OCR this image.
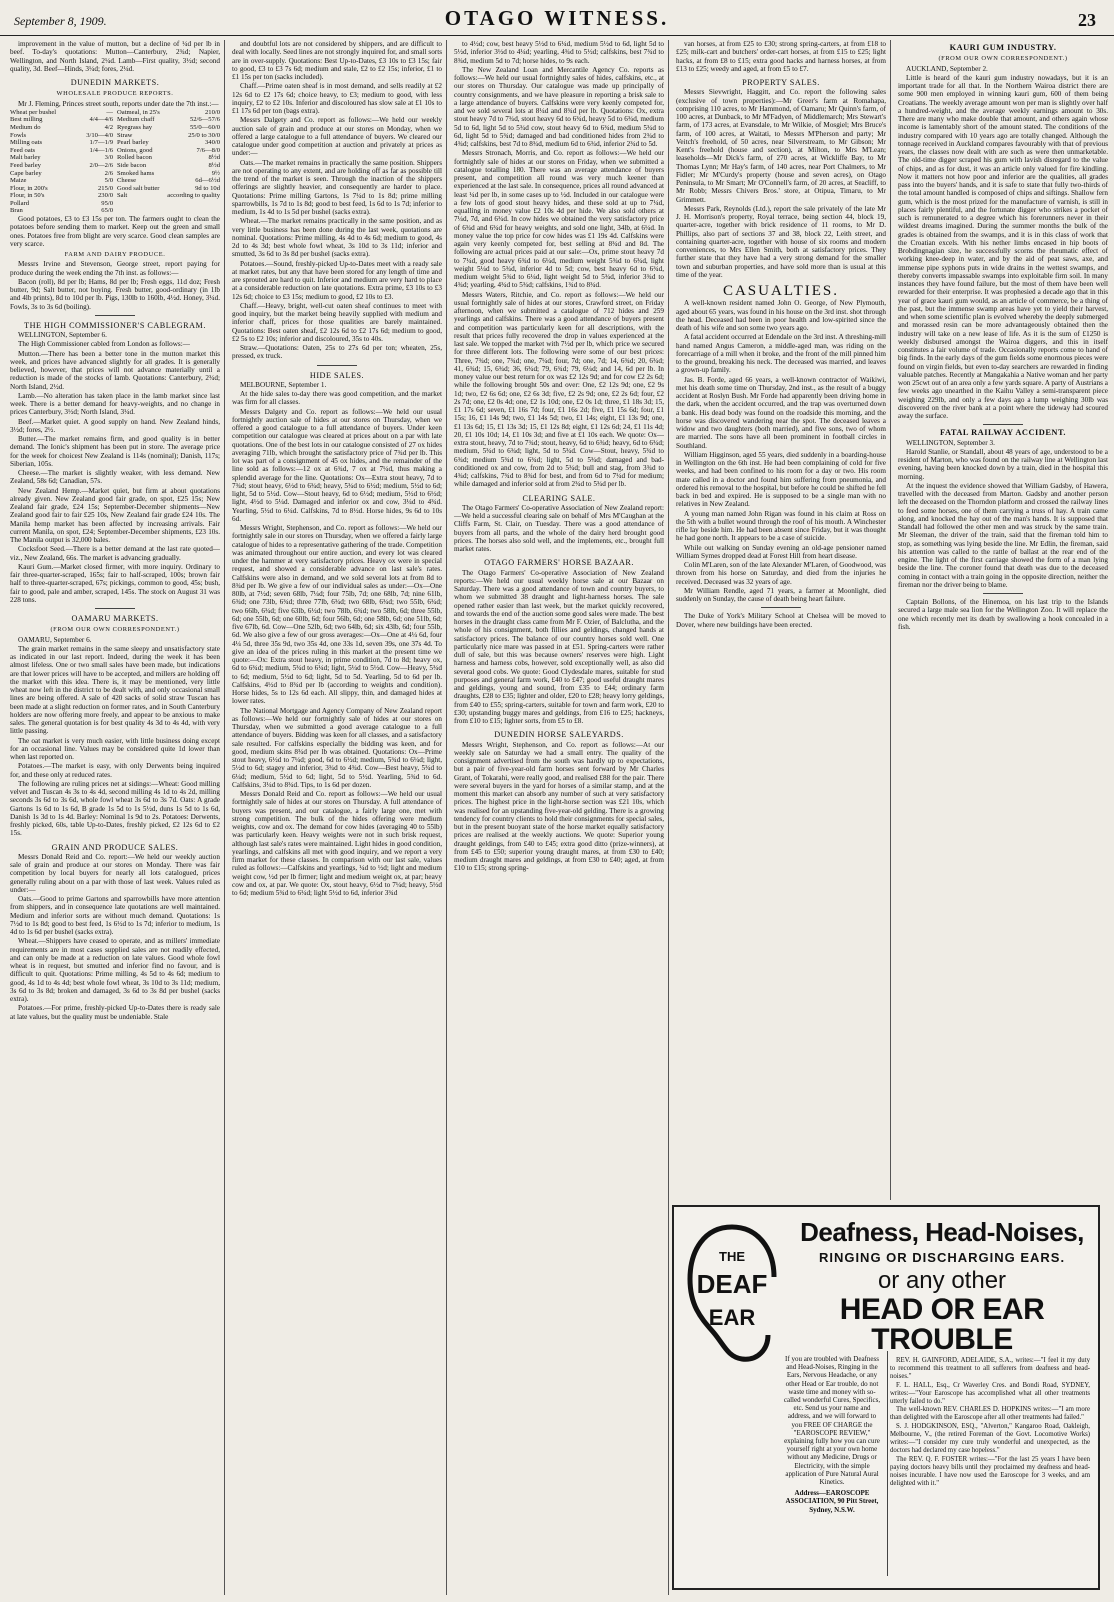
September 8, 1909.	OTAGO WITNESS.	23

improvement in the value of mutton, but a decline of ¼d per lb in beef. To-day's quotations: Mutton—Canterbury, 2¾d; Napier, Wellington, and North Island, 2¼d. Lamb—First quality, 3½d; second quality, 3d. Beef—Hinds, 3¼d; fores, 2¼d.

DUNEDIN MARKETS.
WHOLESALE PRODUCE REPORTS.

Mr J. Fleming, Princes street south, reports under date the 7th inst.:—

Wheat per bushel	—
Best milling	4/4—4/6
Medium do	4/2
Fowls	3/10—4/0
Milling oats	1/7—1/9
Feed oats	1/4—1/6
Malt barley	3/0
Feed barley	2/0—2/6
Cape barley	2/6
Maize	5/0
Flour, in 200's	215/0
Flour, in 50's	230/0
Pollard	95/0
Bran	65/0
Oatmeal, in 25's	210/0
Medium chaff	52/6—57/6
Ryegrass hay	55/0—60/0
Straw	25/0 to 30/0
Pearl barley	340/0
Onions, good	7/6—8/0
Rolled bacon	8½d
Side bacon	8½d
Smoked hams	9½
Cheese	6d—6½d
Good salt butter	9d to 10d
Salt	according to quality

Good potatoes, £3 to £3 15s per ton. The farmers ought to clean the potatoes before sending them to market. Keep out the green and small ones. Potatoes free from blight are very scarce. Good clean samples are very scarce.

FARM AND DAIRY PRODUCE.

Messrs Irvine and Stevenson, George street, report paying for produce during the week ending the 7th inst. as follows:—

Bacon (roll), 8d per lb; Hams, 8d per lb; Fresh eggs, 11d doz; Fresh butter, 9d; Salt butter, not buying. Fresh butter, good-ordinary (in 1lb and 4lb prints), 8d to 10d per lb. Pigs, 130lb to 160lb, 4½d. Honey, 3¼d. Fowls, 3s to 3s 6d (boiling).

THE HIGH COMMISSIONER'S CABLEGRAM.

WELLINGTON, September 6.

The High Commissioner cabled from London as follows:—

Mutton.—There has been a better tone in the mutton market this week, and prices have advanced slightly for all grades. It is generally believed, however, that prices will not advance materially until a reduction is made of the stocks of lamb. Quotations: Canterbury, 2¾d; North Island, 2½d.

Lamb.—No alteration has taken place in the lamb market since last week. There is a better demand for heavy-weights, and no change in prices Canterbury, 3½d; North Island, 3¼d.

Beef.—Market quiet. A good supply on hand. New Zealand hinds, 3½d; fores, 2½.

Butter.—The market remains firm, and good quality is in better demand. The Ionic's shipment has been put in store. The average price for the week for choicest New Zealand is 114s (nominal); Danish, 117s; Siberian, 105s.

Cheese.—The market is slightly weaker, with less demand. New Zealand, 58s 6d; Canadian, 57s.

New Zealand Hemp.—Market quiet, but firm at about quotations already given. New Zealand good fair grade, on spot, £25 15s; New Zealand fair grade, £24 15s; September-December shipments—New Zealand good fair to fair £25 10s, New Zealand fair grade £24 10s. The Manila hemp market has been affected by increasing arrivals. Fair current Manila, on spot, £24; September-December shipments, £23 10s. The Manila output is 32,000 bales.

Cocksfoot Seed.—There is a better demand at the last rate quoted—viz., New Zealand, 66s. The market is advancing gradually.

Kauri Gum.—Market closed firmer, with more inquiry. Ordinary to fair three-quarter-scraped, 165s; fair to half-scraped, 100s; brown fair half to three-quarter-scraped, 67s; pickings, common to good, 45s; bush, fair to good, pale and amber, scraped, 145s. The stock on August 31 was 228 tons.

OAMARU MARKETS.
(FROM OUR OWN CORRESPONDENT.)

OAMARU, September 6.

The grain market remains in the same sleepy and unsatisfactory state as indicated in our last report. Indeed, during the week it has been almost lifeless. One or two small sales have been made, but indications are that lower prices will have to be accepted, and millers are holding off the market with this idea. There is, it may be mentioned, very little wheat now left in the district to be dealt with, and only occasional small lines are being offered. A sale of 420 sacks of solid straw Tuscan has been made at a slight reduction on former rates, and in South Canterbury holders are now offering more freely, and appear to be anxious to make sales. The general quotation is for best quality 4s 3d to 4s 4d, with very little passing.

The oat market is very much easier, with little business doing except for an occasional line. Values may be considered quite 1d lower than when last reported on.

Potatoes.—The market is easy, with only Derwents being inquired for, and these only at reduced rates.

The following are ruling prices net at sidings:—Wheat: Good milling velvet and Tuscan 4s 3s to 4s 4d, second milling 4s 1d to 4s 2d, milling seconds 3s 6d to 3s 6d, whole fowl wheat 3s 6d to 3s 7d. Oats: A grade Gartons 1s 6d to 1s 6d, B grade 1s 5d to 1s 5½d, duns 1s 5d to 1s 6d, Danish 1s 3d to 1s 4d. Barley: Nominal 1s 9d to 2s. Potatoes: Derwents, freshly picked, 60s, table Up-to-Dates, freshly picked, £2 12s 6d to £2 15s.

GRAIN AND PRODUCE SALES.

Messrs Donald Reid and Co. report:—We held our weekly auction sale of grain and produce at our stores on Monday. There was fair competition by local buyers for nearly all lots catalogued, prices generally ruling about on a par with those of last week. Values ruled as under:—

Oats.—Good to prime Gartons and sparrowbills have more attention from shippers, and in consequence late quotations are well maintained. Medium and inferior sorts are without much demand. Quotations: 1s 7½d to 1s 8d; good to best feed, 1s 6½d to 1s 7d; inferior to medium, 1s 4d to 1s 6d per bushel (sacks extra).

Wheat.—Shippers have ceased to operate, and as millers' immediate requirements are in most cases supplied sales are not readily effected, and can only be made at a reduction on late values. Good whole fowl wheat is in request, but smutted and inferior find no favour, and is difficult to quit. Quotations: Prime milling, 4s 5d to 4s 6d; medium to good, 4s 1d to 4s 4d; best whole fowl wheat, 3s 10d to 3s 11d; medium, 3s 6d to 3s 8d; broken and damaged, 3s 6d to 3s 8d per bushel (sacks extra).

Potatoes.—For prime, freshly-picked Up-to-Dates there is ready sale at late values, but the quality must be undeniable. Stale

and doubtful lots are not considered by shippers, and are difficult to deal with locally. Seed lines are not strongly inquired for, and small sorts are in over-supply. Quotations: Best Up-to-Dates, £3 10s to £3 15s; fair to good, £3 to £3 7s 6d; medium and stale, £2 to £2 15s; inferior, £1 to £1 15s per ton (sacks included).

Chaff.—Prime oaten sheaf is in most demand, and sells readily at £2 12s 6d to £2 17s 6d; choice heavy, to £3; medium to good, with less inquiry, £2 to £2 10s. Inferior and discoloured has slow sale at £1 10s to £1 17s 6d per ton (bags extra).

Messrs Dalgety and Co. report as follows:—We held our weekly auction sale of grain and produce at our stores on Monday, when we offered a large catalogue to a full attendance of buyers. We cleared our catalogue under good competition at auction and privately at prices as under:—

Oats.—The market remains in practically the same position. Shippers are not operating to any extent, and are holding off as far as possible till the trend of the market is seen. Through the inaction of the shippers offerings are slightly heavier, and consequently are harder to place. Quotations: Prime milling Gartons, 1s 7¼d to 1s 8d; prime milling sparrowbills, 1s 7d to 1s 8d; good to best feed, 1s 6d to 1s 7d; inferior to medium, 1s 4d to 1s 5d per bushel (sacks extra).

Wheat.—The market remains practically in the same position, and as very little business has been done during the last week, quotations are nominal. Quotations: Prime milling, 4s 4d to 4s 6d; medium to good, 4s 2d to 4s 3d; best whole fowl wheat, 3s 10d to 3s 11d; inferior and smutted, 3s 6d to 3s 8d per bushel (sacks extra).

Potatoes.—Sound, freshly-picked Up-to-Dates meet with a ready sale at market rates, but any that have been stored for any length of time and are sprouted are hard to quit. Inferior and medium are very hard to place at a considerable reduction on late quotations. Extra prime, £3 10s to £3 12s 6d; choice to £3 15s; medium to good, £2 10s to £3.

Chaff.—Heavy, bright, well-cut oaten sheaf continues to meet with good inquiry, but the market being heavily supplied with medium and inferior chaff, prices for those qualities are barely maintained. Quotations: Best oaten sheaf, £2 12s 6d to £2 17s 6d; medium to good, £2 5s to £2 10s; inferior and discoloured, 35s to 40s.

Straw.—Quotations: Oaten, 25s to 27s 6d per ton; wheaten, 25s, pressed, ex truck.

HIDE SALES.

MELBOURNE, September 1.

At the hide sales to-day there was good competition, and the market was firm for all classes.

Messrs Dalgety and Co. report as follows:—We held our usual fortnightly auction sale of hides at our stores on Thursday, when we offered a good catalogue to a full attendance of buyers. Under keen competition our catalogue was cleared at prices about on a par with late quotations. One of the best lots in our catalogue consisted of 27 ox hides averaging 71lb, which brought the satisfactory price of 7¾d per lb. This lot was part of a consignment of 45 ox hides, and the remainder of the line sold as follows:—12 ox at 6¾d, 7 ox at 7¼d, thus making a splendid average for the line. Quotations: Ox—Extra stout heavy, 7d to 7¾d; stout heavy, 6½d to 6¾d; heavy, 5¾d to 6½d; medium, 5½d to 6d; light, 5d to 5½d. Cow—Stout heavy, 6d to 6½d; medium, 5½d to 6½d; light, 4½d to 5¼d. Damaged and inferior ox and cow, 3¼d to 4¾d. Yearling, 5½d to 6¼d. Calfskins, 7d to 8½d. Horse hides, 9s 6d to 10s 6d.

Messrs Wright, Stephenson, and Co. report as follows:—We held our fortnightly sale in our stores on Thursday, when we offered a fairly large catalogue of hides to a representative gathering of the trade. Competition was animated throughout our entire auction, and every lot was cleared under the hammer at very satisfactory prices. Heavy ox were in special request, and showed a considerable advance on last sale's rates. Calfskins were also in demand, and we sold several lots at from 8d to 8¾d per lb. We give a few of our individual sales as under:—Ox—One 80lb, at 7½d; seven 68lb, 7¼d; four 75lb, 7d; one 68lb, 7d; nine 61lb, 6¾d; one 73lb, 6¾d; three 77lb, 6¾d; two 68lb, 6¾d; two 55lb, 6¾d; two 66lb, 6¾d; five 63lb, 6½d; two 78lb, 6¾d; two 58lb, 6d; three 55lb, 6d; one 55lb, 6d; one 60lb, 6d; four 56lb, 6d; one 58lb, 6d; one 51lb, 6d; five 67lb, 6d. Cow—One 52lb, 6d; two 64lb, 6d; six 43lb, 6d; four 55lb, 6d. We also give a few of our gross averages:—Ox—One at 4¼ 6d, four 4¼ 5d, three 35s 9d, two 35s 4d, one 33s 1d, seven 39s, one 37s 4d. To give an idea of the prices ruling in this market at the present time we quote:—Ox: Extra stout heavy, in prime condition, 7d to 8d; heavy ox, 6d to 6¾d; medium, 5¾d to 6¼d; light, 5¼d to 5½d. Cow—Heavy, 5¾d to 6d; medium, 5½d to 6d; light, 5d to 5d. Yearling, 5d to 6d per lb. Calfskins, 4½d to 8¾d per lb (according to weights and condition). Horse hides, 5s to 12s 6d each. All slippy, thin, and damaged hides at lower rates.

The National Mortgage and Agency Company of New Zealand report as follows:—We held our fortnightly sale of hides at our stores on Thursday, when we submitted a good average catalogue to a full attendance of buyers. Bidding was keen for all classes, and a satisfactory sale resulted. For calfskins especially the bidding was keen, and for good, medium skins 8¾d per lb was obtained. Quotations: Ox—Prime stout heavy, 6½d to 7¼d; good, 6d to 6½d; medium, 5¾d to 6¼d; light, 5½d to 6d; stagey and inferior, 3¾d to 4¾d. Cow—Best heavy, 5¾d to 6¼d; medium, 5½d to 6d; light, 5d to 5½d. Yearling, 5¾d to 6d. Calfskins, 3¼d to 8¾d. Tips, to 1s 6d per dozen.

Messrs Donald Reid and Co. report as follows:—We held our usual fortnightly sale of hides at our stores on Thursday. A full attendance of buyers was present, and our catalogue, a fairly large one, met with strong competition. The bulk of the hides offering were medium weights, cow and ox. The demand for cow hides (averaging 40 to 55lb) was particularly keen. Heavy weights were not in such brisk request, although last sale's rates were maintained. Light hides in good condition, yearlings, and calfskins all met with good inquiry, and we report a very firm market for these classes. In comparison with our last sale, values ruled as follows:—Calfskins and yearlings, ¼d to ½d; light and medium weight cow, ½d per lb firmer; light and medium weight ox, at par; heavy cow and ox, at par. We quote: Ox, stout heavy, 6½d to 7¼d; heavy, 5½d to 6d; medium 5¾d to 6¼d; light 5½d to 6d, inferior 3¾d

to 4½d; cow, best heavy 5½d to 6¼d, medium 5½d to 6d, light 5d to 5½d, inferior 3½d to 4¼d; yearling, 4¾d to 5½d; calfskins, best 7¾d to 8¾d, medium 5d to 7d; horse hides, to 9s each.

The New Zealand Loan and Mercantile Agency Co. reports as follows:—We held our usual fortnightly sales of hides, calfskins, etc., at our stores on Thursday. Our catalogue was made up principally of country consignments, and we have pleasure in reporting a brisk sale to a large attendance of buyers. Calfskins were very keenly competed for, and we sold several lots at 8¼d and 8¾d per lb. Quotations: Ox, extra stout heavy 7d to 7¾d, stout heavy 6d to 6¾d, heavy 5d to 6¾d, medium 5d to 6d, light 5d to 5¾d cow, stout heavy 6d to 6¾d, medium 5¾d to 6d, light 5d to 5¾d; damaged and bad conditioned hides from 2¾d to 4¾d; calfskins, best 7d to 8¾d, medium 6d to 6¾d, inferior 2¾d to 5d.

Messrs Stronach, Morris, and Co. report as follows:—We held our fortnightly sale of hides at our stores on Friday, when we submitted a catalogue totalling 180. There was an average attendance of buyers present, and competition all round was very much keener than experienced at the last sale. In consequence, prices all round advanced at least ¼d per lb, in some cases up to ½d. Included in our catalogue were a few lots of good stout heavy hides, and these sold at up to 7¼d, equalling in money value £2 10s 4d per hide. We also sold others at 7¼d, 7d, and 6¾d. In cow hides we obtained the very satisfactory price of 6¾d and 6¾d for heavy weights, and sold one light, 34lb, at 6¼d. In money value the top price for cow hides was £1 19s 4d. Calfskins were again very keenly competed for, best selling at 8¾d and 8d. The following are actual prices paid at our sale:—Ox, prime stout heavy 7d to 7¼d, good heavy 6¾d to 6¼d, medium weight 5¾d to 6¾d, light weight 5¼d to 5¾d, inferior 4d to 5d; cow, best heavy 6d to 6¾d, medium weight 5¾d to 6¼d, light weight 5d to 5¾d, inferior 3¾d to 4¾d; yearling, 4¾d to 5¾d; calfskins, 1¾d to 8¾d.

Messrs Waters, Ritchie, and Co. report as follows:—We held our usual fortnightly sale of hides at our stores, Crawford street, on Friday afternoon, when we submitted a catalogue of 712 hides and 259 yearlings and calfskins. There was a good attendance of buyers present and competition was particularly keen for all descriptions, with the result that prices fully recovered the drop in values experienced at the last sale. We topped the market with 7½d per lb, which price we secured for three different lots. The following were some of our best prices: Three, 7¾d; one, 7¾d; one, 7¼d; four, 7d; one, 7d; 14, 6¾d; 20, 6¾d; 41, 6¾d; 15, 6¾d; 36, 6¾d; 79, 6¾d; 79, 6¼d; and 14, 6d per lb. In money value our best return for ox was £2 12s 9d; and for cow £2 2s 6d; while the following brought 50s and over: One, £2 12s 9d; one, £2 9s 1d; two, £2 6s 6d; one, £2 6s 3d; five, £2 2s 9d; one, £2 2s 6d; four, £2 2s 7d; one, £2 0s 4d; one, £2 1s 10d; one, £2 0s 1d; three, £1 18s 3d; 15, £1 17s 6d; seven, £1 16s 7d; four, £1 16s 2d; five, £1 15s 6d; four, £1 15s; 16, £1 14s 9d; two, £1 14s 5d; two, £1 14s; eight, £1 13s 9d; one, £1 13s 6d; 15, £1 13s 3d; 15, £1 12s 8d; eight, £1 12s 6d; 24, £1 11s 4d; 20, £1 10s 10d; 14, £1 10s 3d; and five at £1 10s each. We quote: Ox—extra stout, heavy, 7d to 7¾d; stout, heavy, 6d to 6¾d; heavy, 6d to 6¾d; medium, 5¾d to 6¾d; light, 5d to 5¾d. Cow—Stout, heavy, 5¾d to 6¾d; medium 5¾d to 6¾d; light, 5d to 5¾d; damaged and bad-conditioned ox and cow, from 2d to 5¾d; bull and stag, from 3¾d to 4¾d; calfskins, 7¾d to 8¾d for best, and from 6d to 7¼d for medium; while damaged and inferior sold at from 2¾d to 5¾d per lb.

CLEARING SALE.

The Otago Farmers' Co-operative Association of New Zealand report:—We held a successful clearing sale on behalf of Mrs M'Caughan at the Cliffs Farm, St. Clair, on Tuesday. There was a good attendance of buyers from all parts, and the whole of the dairy herd brought good prices. The horses also sold well, and the implements, etc., brought full market rates.

OTAGO FARMERS' HORSE BAZAAR.

The Otago Farmers' Co-operative Association of New Zealand reports:—We held our usual weekly horse sale at our Bazaar on Saturday. There was a good attendance of town and country buyers, to whom we submitted 38 draught and light-harness horses. The sale opened rather easier than last week, but the market quickly recovered, and towards the end of the auction some good sales were made. The best horses in the draught class came from Mr F. Ozier, of Balclutha, and the whole of his consignment, both fillies and geldings, changed hands at satisfactory prices. The balance of our country horses sold well. One particularly nice mare was passed in at £51. Spring-carters were rather dull of sale, but this was because owners' reserves were high. Light harness and harness cobs, however, sold exceptionally well, as also did several good cobs. We quote: Good Clydesdale mares, suitable for stud purposes and general farm work, £40 to £47; good useful draught mares and geldings, young and sound, from £35 to £44; ordinary farm draughts, £28 to £35; lighter and older, £20 to £28; heavy lorry geldings, from £40 to £55; spring-carters, suitable for town and farm work, £20 to £30; upstanding buggy mares and geldings, from £16 to £25; hackneys, from £10 to £15; lighter sorts, from £5 to £8.

DUNEDIN HORSE SALEYARDS.

Messrs Wright, Stephenson, and Co. report as follows:—At our weekly sale on Saturday we had a small entry. The quality of the consignment advertised from the south was hardly up to expectations, but a pair of five-year-old farm horses sent forward by Mr Charles Grant, of Tokarahi, were really good, and realised £88 for the pair. There were several buyers in the yard for horses of a similar stamp, and at the moment this market can absorb any number of such at very satisfactory prices. The highest price in the light-horse section was £21 10s, which was realised for an upstanding five-year-old gelding. There is a growing tendency for country clients to hold their consignments for special sales, but in the present buoyant state of the horse market equally satisfactory prices are realised at the weekly auctions. We quote: Superior young draught geldings, from £40 to £45; extra good ditto (prize-winners), at from £45 to £50; superior young draught mares, at from £30 to £40; medium draught mares and geldings, at from £30 to £40; aged, at from £10 to £15; strong spring-

van horses, at from £25 to £30; strong spring-carters, at from £18 to £25; milk-cart and butchers' order-cart horses, at from £15 to £25; light hacks, at from £8 to £15; extra good hacks and harness horses, at from £13 to £25; weedy and aged, at from £5 to £7.

PROPERTY SALES.

Messrs Sievwright, Haggitt, and Co. report the following sales (exclusive of town properties):—Mr Greer's farm at Romahapa, comprising 110 acres, to Mr Hammond, of Oamaru; Mr Quinn's farm, of 100 acres, at Dunback, to Mr M'Fadyen, of Middlemarch; Mrs Stewart's farm, of 173 acres, at Evansdale, to Mr Wilkie, of Mosgiel; Mrs Bruce's farm, of 100 acres, at Waitati, to Messrs M'Pherson and party; Mr Veitch's freehold, of 50 acres, near Silverstream, to Mr Gibson; Mr Kent's freehold (house and section), at Milton, to Mrs M'Lean; leaseholds—Mr Dick's farm, of 270 acres, at Wickliffe Bay, to Mr Thomas Lynn; Mr Hay's farm, of 140 acres, near Port Chalmers, to Mr Fidler; Mr M'Curdy's property (house and seven acres), on Otago Peninsula, to Mr Smart; Mr O'Connell's farm, of 20 acres, at Seacliff, to Mr Robb; Messrs Chivers Bros.' store, at Otipua, Timaru, to Mr Grimmett.

Messrs Park, Reynolds (Ltd.), report the sale privately of the late Mr J. H. Morrison's property, Royal terrace, being section 44, block 19, quarter-acre, together with brick residence of 11 rooms, to Mr D. Phillips, also part of sections 37 and 38, block 22, Leith street, and containing quarter-acre, together with house of six rooms and modern conveniences, to Mrs Ellen Smith, both at satisfactory prices. They further state that they have had a very strong demand for the smaller town and suburban properties, and have sold more than is usual at this time of the year.

CASUALTIES.

A well-known resident named John O. George, of New Plymouth, aged about 65 years, was found in his house on the 3rd inst. shot through the head. Deceased had been in poor health and low-spirited since the death of his wife and son some two years ago.

A fatal accident occurred at Edendale on the 3rd inst. A threshing-mill hand named Angus Cameron, a middle-aged man, was riding on the forecarriage of a mill when it broke, and the front of the mill pinned him to the ground, breaking his neck. The deceased was married, and leaves a grown-up family.

Jas. B. Forde, aged 66 years, a well-known contractor of Waikiwi, met his death some time on Thursday, 2nd inst., as the result of a buggy accident at Roslyn Bush. Mr Forde had apparently been driving home in the dark, when the accident occurred, and the trap was overturned down a bank. His dead body was found on the roadside this morning, and the horse was discovered wandering near the spot. The deceased leaves a widow and two daughters (both married), and five sons, two of whom are married. The sons have all been prominent in football circles in Southland.

William Higginson, aged 55 years, died suddenly in a boarding-house in Wellington on the 6th inst. He had been complaining of cold for five weeks, and had been confined to his room for a day or two. His room mate called in a doctor and found him suffering from pneumonia, and ordered his removal to the hospital, but before he could be shifted he fell back in bed and expired. He is supposed to be a single man with no relatives in New Zealand.

A young man named John Rigan was found in his claim at Ross on the 5th with a bullet wound through the roof of his mouth. A Winchester rifle lay beside him. He had been absent since Friday, but it was thought he had gone north. It appears to be a case of suicide.

While out walking on Sunday evening an old-age pensioner named William Symes dropped dead at Forest Hill from heart disease.

Colin M'Laren, son of the late Alexander M'Laren, of Goodwood, was thrown from his horse on Saturday, and died from the injuries he received. Deceased was 32 years of age.

Mr William Rendle, aged 71 years, a farmer at Moonlight, died suddenly on Sunday, the cause of death being heart failure.

The Duke of York's Military School at Chelsea will be moved to Dover, where new buildings have been erected.

KAURI GUM INDUSTRY.
(FROM OUR OWN CORRESPONDENT.)

AUCKLAND, September 2.

Little is heard of the kauri gum industry nowadays, but it is an important trade for all that. In the Northern Wairoa district there are some 900 men employed in winning kauri gum, 600 of them being Croatians. The weekly average amount won per man is slightly over half a hundred-weight, and the average weekly earnings amount to 30s. There are many who make double that amount, and others again whose income is lamentably short of the amount stated. The conditions of the industry compared with 10 years ago are totally changed. Although the tonnage received in Auckland compares favourably with that of previous years, the classes now dealt with are such as were then unmarketable. The old-time digger scraped his gum with lavish disregard to the value of chips, and as for dust, it was an article only valued for fire kindling. Now it matters not how poor and inferior are the qualities, all grades pass into the buyers' hands, and it is safe to state that fully two-thirds of the total amount handled is composed of chips and siftings. Shallow fern gum, which is the most prized for the manufacture of varnish, is still in places fairly plentiful, and the fortunate digger who strikes a pocket of such is remunerated to a degree which his forerunners never in their wildest dreams imagined. During the summer months the bulk of the grades is obtained from the swamps, and it is in this class of work that the Croatian excels. With his nether limbs encased in hip boots of Brobdingnagian size, he successfully scorns the rheumatic effect of working knee-deep in water, and by the aid of peat saws, axe, and immense pipe syphons puts in wide drains in the wettest swamps, and thereby converts impassable swamps into exploitable firm soil. In many instances they have found failure, but the most of them have been well rewarded for their enterprise. It was prophesied a decade ago that in this year of grace kauri gum would, as an article of commerce, be a thing of the past, but the immense swamp areas have yet to yield their harvest, and when some scientific plan is evolved whereby the deeply submerged and morassed resin can be more advantageously obtained then the industry will take on a new lease of life. As it is the sum of £1250 is weekly disbursed amongst the Wairoa diggers, and this in itself constitutes a fair volume of trade. Occasionally reports come to hand of big finds. In the early days of the gum fields some enormous pieces were found on virgin fields, but even to-day searchers are rewarded in finding valuable patches. Recently at Mangakahia a Native woman and her party won 25cwt out of an area only a few yards square. A party of Austrians a few weeks ago unearthed in the Kaihu Valley a semi-transparent piece weighing 229lb, and only a few days ago a lump weighing 30lb was discovered on the river bank at a point where the tideway had scoured away the surface.

FATAL RAILWAY ACCIDENT.

WELLINGTON, September 3.

Harold Stanlie, or Standall, about 48 years of age, understood to be a resident of Marton, who was found on the railway line at Wellington last evening, having been knocked down by a train, died in the hospital this morning.

At the inquest the evidence showed that William Gadsby, of Hawera, travelled with the deceased from Marton. Gadsby and another person left the deceased on the Thorndon platform and crossed the railway lines to feed some horses, one of them carrying a truss of hay. A train came along, and knocked the hay out of the man's hands. It is supposed that Standall had followed the other men and was struck by the same train. Mr Sleeman, the driver of the train, said that the fireman told him to stop, as something was lying beside the line. Mr Edlin, the fireman, said his attention was called to the rattle of ballast at the rear end of the engine. The light of the first carriage showed the form of a man lying beside the line. The coroner found that death was due to the deceased coming in contact with a train going in the opposite direction, neither the fireman nor the driver being to blame.

Captain Bollons, of the Hinemoa, on his last trip to the Islands secured a large male sea lion for the Wellington Zoo. It will replace the one which recently met its death by swallowing a hook concealed in a fish.

THE
DEAF
EAR
Deafness, Head-Noises,
RINGING OR DISCHARGING EARS.
or any other
HEAD OR EAR TROUBLE

If you are troubled with Deafness and Head-Noises, Ringing in the Ears, Nervous Headache, or any other Head or Ear trouble, do not waste time and money with so-called wonderful Cures, Specifics, etc. Send us your name and address, and we will forward to you FREE OF CHARGE the "EAROSCOPE REVIEW," explaining fully how you can cure yourself right at your own home without any Medicine, Drugs or Electricity, with the simple application of Pure Natural Aural Kinetics.

Address—EAROSCOPE ASSOCIATION, 90 Pitt Street, Sydney, N.S.W.

REV. H. GAINFORD, ADELAIDE, S.A., writes:—"I feel it my duty to recommend this treatment to all sufferers from deafness and head-noises."

F. L. HALL, Esq., Cr Waverley Cres. and Bondi Road, SYDNEY, writes:—"Your Earoscope has accomplished what all other treatments utterly failed to do."

The well-known REV. CHARLES D. HOPKINS writes:—"I am more than delighted with the Earoscope after all other treatments had failed."

S. J. HODGKINSON, ESQ., "Alverton," Kangaroo Road, Oakleigh, Melbourne, V., (the retired Foreman of the Govt. Locomotive Works) writes:—"I consider my cure truly wonderful and unexpected, as the doctors had declared my case hopeless."

The REV. Q. F. FOSTER writes:—"For the last 25 years I have been paying doctors heavy bills until they proclaimed my deafness and head-noises incurable. I have now used the Earoscope for 3 weeks, and am delighted with it."
